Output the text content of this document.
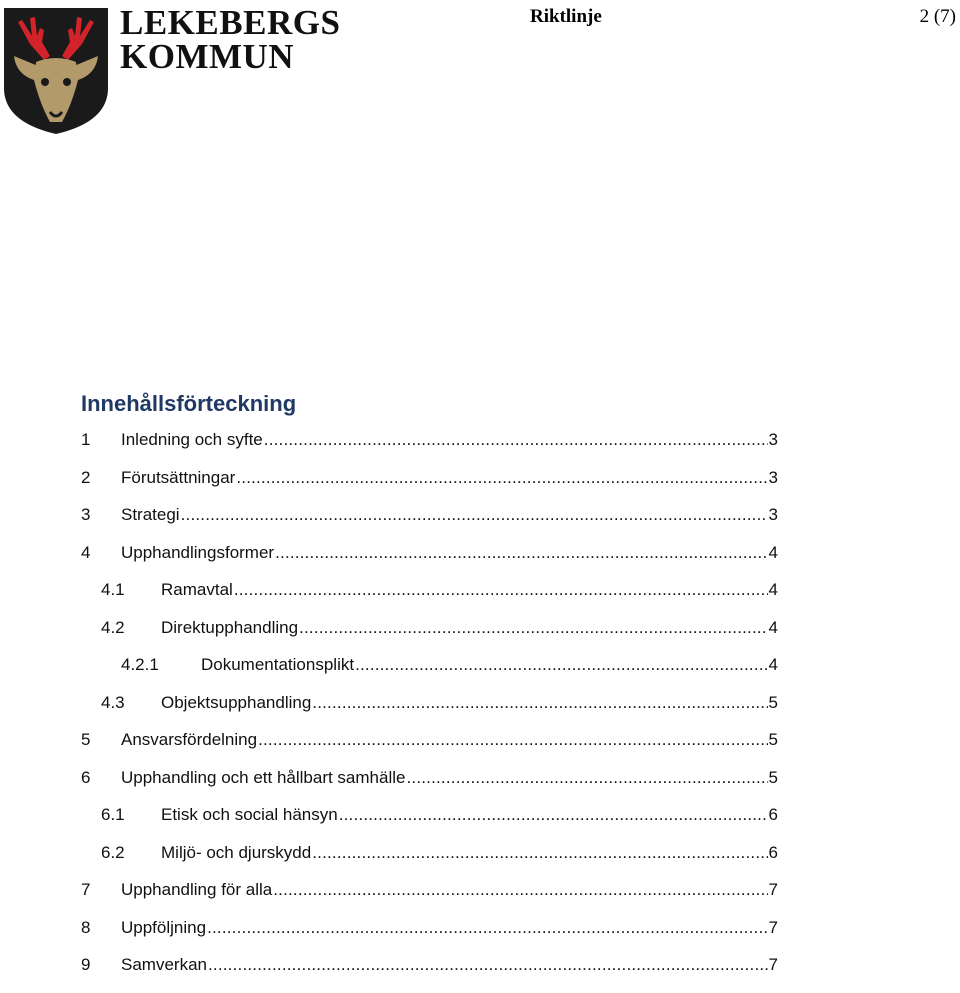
LEKEBERGS
KOMMUN
Riktlinje	2 (7)
Innehållsförteckning
1	Inledning och syfte .....	3
2	Förutsättningar .....	3
3	Strategi .....	3
4	Upphandlingsformer .....	4
4.1	Ramavtal .....	4
4.2	Direktupphandling .....	4
4.2.1	Dokumentationsplikt .....	4
4.3	Objektsupphandling .....	5
5	Ansvarsfördelning .....	5
6	Upphandling och ett hållbart samhälle .....	5
6.1	Etisk och social hänsyn .....	6
6.2	Miljö- och djurskydd .....	6
7	Upphandling för alla .....	7
8	Uppföljning .....	7
9	Samverkan .....	7
